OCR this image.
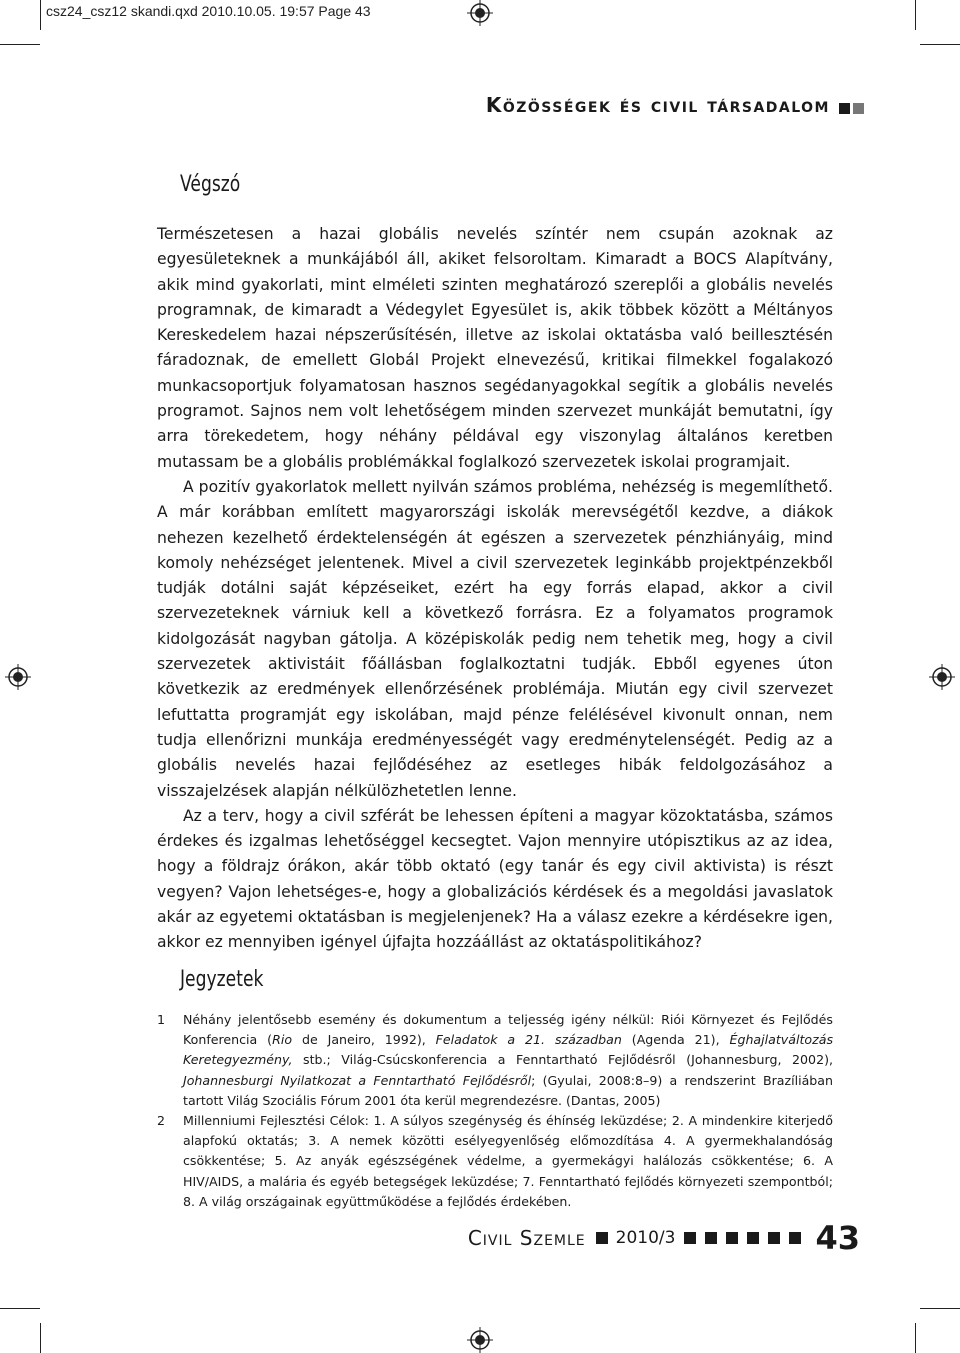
csz24_csz12 skandi.qxd 2010.10.05. 19:57 Page 43
Közösségek és civil társadalom
Végszó

Természetesen a hazai globális nevelés színtér nem csupán azoknak az egyesületeknek a munkájából áll, akiket felsoroltam. Kimaradt a BOCS Alapítvány, akik mind gyakorlati, mint elméleti szinten meghatározó szereplői a globális nevelés programnak, de kimaradt a Védegylet Egyesület is, akik többek között a Méltányos Kereskedelem hazai népszerűsítésén, illetve az iskolai oktatásba való beillesztésén fáradoznak, de emellett Globál Projekt elnevezésű, kritikai filmekkel fogalakozó munkacsoportjuk folyamatosan hasznos segédanyagokkal segítik a globális nevelés programot. Sajnos nem volt lehetőségem minden szervezet munkáját bemutatni, így arra törekedetem, hogy néhány példával egy viszonylag általános keretben mutassam be a globális problémákkal foglalkozó szervezetek iskolai programjait.

A pozitív gyakorlatok mellett nyilván számos probléma, nehézség is megemlíthető. A már korábban említett magyarországi iskolák merevségétől kezdve, a diákok nehezen kezelhető érdektelenségén át egészen a szervezetek pénzhiányáig, mind komoly nehézséget jelentenek. Mivel a civil szervezetek leginkább projektpénzekből tudják dotálni saját képzéseiket, ezért ha egy forrás elapad, akkor a civil szervezeteknek várniuk kell a következő forrásra. Ez a folyamatos programok kidolgozását nagyban gátolja. A középiskolák pedig nem tehetik meg, hogy a civil szervezetek aktivistáit főállásban foglalkoztatni tudják. Ebből egyenes úton következik az eredmények ellenőrzésének problémája. Miután egy civil szervezet lefuttatta programját egy iskolában, majd pénze felélésével kivonult onnan, nem tudja ellenőrizni munkája eredményességét vagy eredménytelenségét. Pedig az a globális nevelés hazai fejlődéséhez az esetleges hibák feldolgozásához a visszajelzések alapján nélkülözhetetlen lenne.

Az a terv, hogy a civil szférát be lehessen építeni a magyar közoktatásba, számos érdekes és izgalmas lehetőséggel kecsegtet. Vajon mennyire utópisztikus az az idea, hogy a földrajz órákon, akár több oktató (egy tanár és egy civil aktivista) is részt vegyen? Vajon lehetséges-e, hogy a globalizációs kérdések és a megoldási javaslatok akár az egyetemi oktatásban is megjelenjenek? Ha a válasz ezekre a kérdésekre igen, akkor ez mennyiben igényel újfajta hozzáállást az oktatáspolitikához?

Jegyzetek
1 Néhány jelentősebb esemény és dokumentum a teljesség igény nélkül: Riói Környezet és Fejlődés Konferencia (Rio de Janeiro, 1992), Feladatok a 21. században (Agenda 21), Éghajlatváltozás Keretegyezmény, stb.; Világ-Csúcskonferencia a Fenntartható Fejlődésről (Johannesburg, 2002), Johannesburgi Nyilatkozat a Fenntartható Fejlődésről; (Gyulai, 2008:8–9) a rendszerint Brazíliában tartott Világ Szociális Fórum 2001 óta kerül megrendezésre. (Dantas, 2005)
2 Millenniumi Fejlesztési Célok: 1. A súlyos szegénység és éhínség leküzdése; 2. A mindenkire kiterjedő alapfokú oktatás; 3. A nemek közötti esélyegyenlőség előmozdítása 4. A gyermekhalandóság csökkentése; 5. Az anyák egészségének védelme, a gyermekágyi halálozás csökkentése; 6. A HIV/AIDS, a malária és egyéb betegségek leküzdése; 7. Fenntartható fejlődés környezeti szempontból; 8. A világ országainak együttműködése a fejlődés érdekében.
Civil Szemle 2010/3	43
